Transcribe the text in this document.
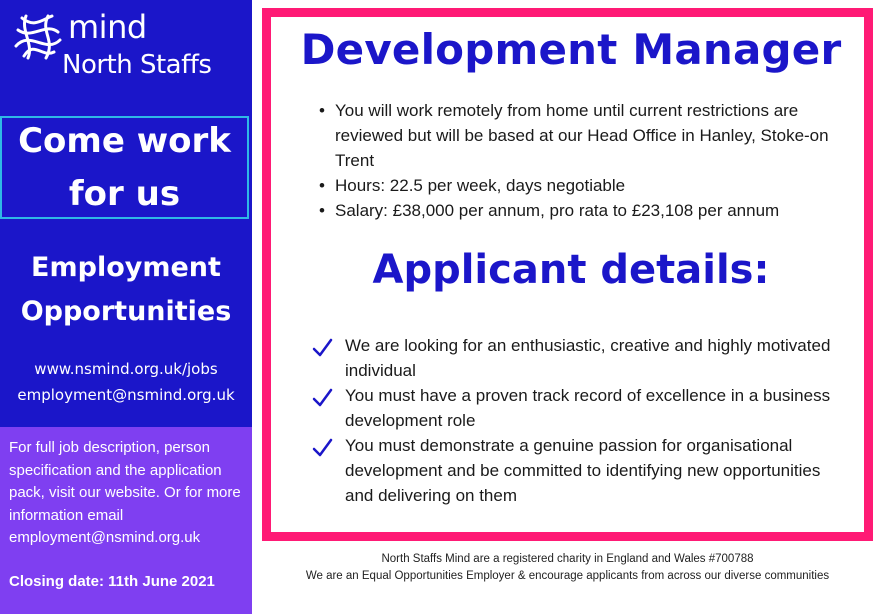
mind
North Staffs
Come work for us
Employment Opportunities
www.nsmind.org.uk/jobs
employment@nsmind.org.uk
For full job description, person specification and the application pack, visit our website. Or for more information email employment@nsmind.org.uk
Closing date: 11th June 2021
Development Manager
• You will work remotely from home until current restrictions are reviewed but will be based at our Head Office in Hanley, Stoke-on Trent
• Hours: 22.5 per week, days negotiable
• Salary: £38,000 per annum, pro rata to £23,108 per annum
Applicant details:
We are looking for an enthusiastic, creative and highly motivated individual
You must have a proven track record of excellence in a business development role
You must demonstrate a genuine passion for organisational development and be committed to identifying new opportunities and delivering on them
North Staffs Mind are a registered charity in England and Wales #700788
We are an Equal Opportunities Employer & encourage applicants from across our diverse communities
